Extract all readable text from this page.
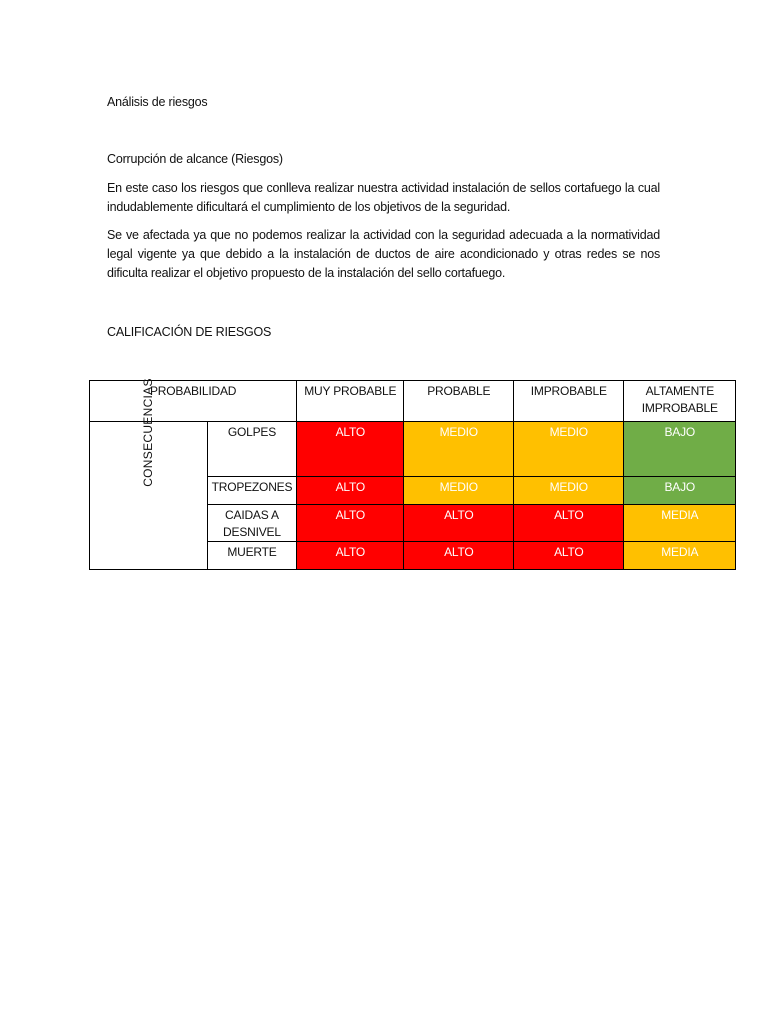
Análisis de riesgos
Corrupción de alcance (Riesgos)
En este caso los riesgos que conlleva realizar nuestra actividad instalación de sellos cortafuego la cual indudablemente dificultará el cumplimiento de los objetivos de la seguridad.
Se ve afectada ya que no podemos realizar la actividad con la seguridad adecuada a la normatividad legal vigente ya que debido a la instalación de ductos de aire acondicionado y otras redes se nos dificulta realizar el objetivo propuesto de la instalación del sello cortafuego.
CALIFICACIÓN DE RIESGOS
PROBABILIDAD		MUY PROBABLE	PROBABLE	IMPROBABLE	ALTAMENTE IMPROBABLE
CONSECUENCIAS	GOLPES	ALTO	MEDIO	MEDIO	BAJO
	TROPEZONES	ALTO	MEDIO	MEDIO	BAJO
	CAIDAS A DESNIVEL	ALTO	ALTO	ALTO	MEDIA
	MUERTE	ALTO	ALTO	ALTO	MEDIA
